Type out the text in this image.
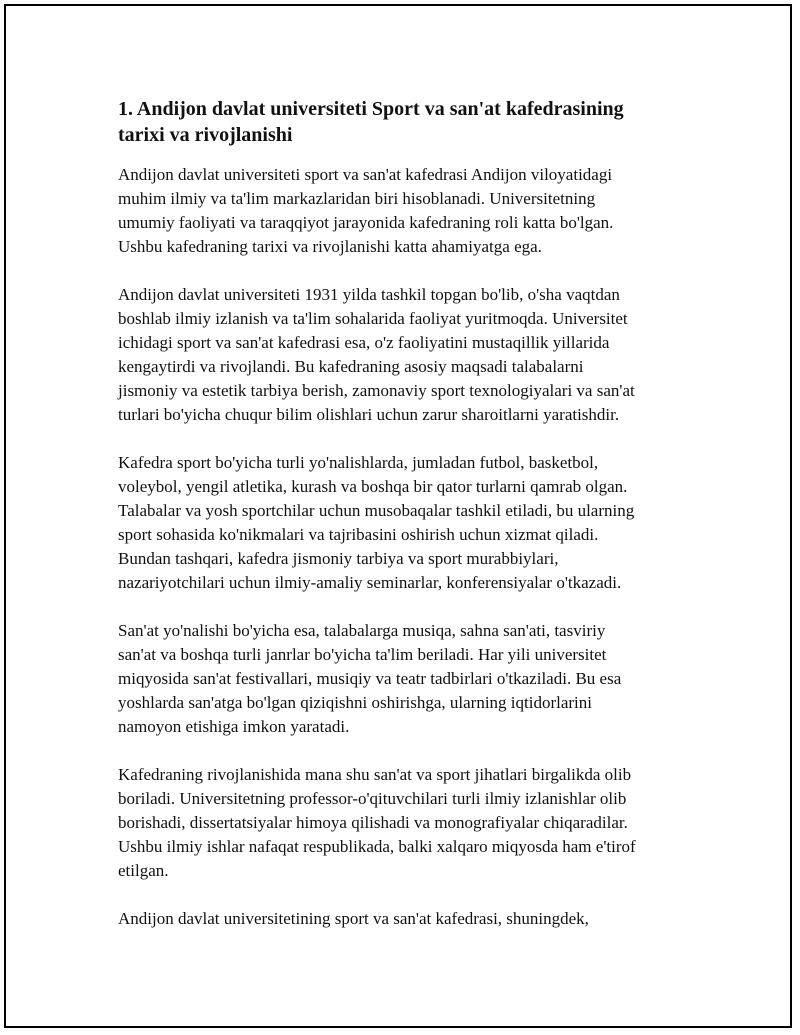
1. Andijon davlat universiteti Sport va san'at kafedrasining
tarixi va rivojlanishi
Andijon davlat universiteti sport va san'at kafedrasi Andijon viloyatidagi
muhim ilmiy va ta'lim markazlaridan biri hisoblanadi. Universitetning
umumiy faoliyati va taraqqiyot jarayonida kafedraning roli katta bo'lgan.
Ushbu kafedraning tarixi va rivojlanishi katta ahamiyatga ega.
Andijon davlat universiteti 1931 yilda tashkil topgan bo'lib, o'sha vaqtdan
boshlab ilmiy izlanish va ta'lim sohalarida faoliyat yuritmoqda. Universitet
ichidagi sport va san'at kafedrasi esa, o'z faoliyatini mustaqillik yillarida
kengaytirdi va rivojlandi. Bu kafedraning asosiy maqsadi talabalarni
jismoniy va estetik tarbiya berish, zamonaviy sport texnologiyalari va san'at
turlari bo'yicha chuqur bilim olishlari uchun zarur sharoitlarni yaratishdir.
Kafedra sport bo'yicha turli yo'nalishlarda, jumladan futbol, basketbol,
voleybol, yengil atletika, kurash va boshqa bir qator turlarni qamrab olgan.
Talabalar va yosh sportchilar uchun musobaqalar tashkil etiladi, bu ularning
sport sohasida ko'nikmalari va tajribasini oshirish uchun xizmat qiladi.
Bundan tashqari, kafedra jismoniy tarbiya va sport murabbiylari,
nazariyotchilari uchun ilmiy-amaliy seminarlar, konferensiyalar o'tkazadi.
San'at yo'nalishi bo'yicha esa, talabalarga musiqa, sahna san'ati, tasviriy
san'at va boshqa turli janrlar bo'yicha ta'lim beriladi. Har yili universitet
miqyosida san'at festivallari, musiqiy va teatr tadbirlari o'tkaziladi. Bu esa
yoshlarda san'atga bo'lgan qiziqishni oshirishga, ularning iqtidorlarini
namoyon etishiga imkon yaratadi.
Kafedraning rivojlanishida mana shu san'at va sport jihatlari birgalikda olib
boriladi. Universitetning professor-o'qituvchilari turli ilmiy izlanishlar olib
borishadi, dissertatsiyalar himoya qilishadi va monografiyalar chiqaradilar.
Ushbu ilmiy ishlar nafaqat respublikada, balki xalqaro miqyosda ham e'tirof
etilgan.
Andijon davlat universitetining sport va san'at kafedrasi, shuningdek,
